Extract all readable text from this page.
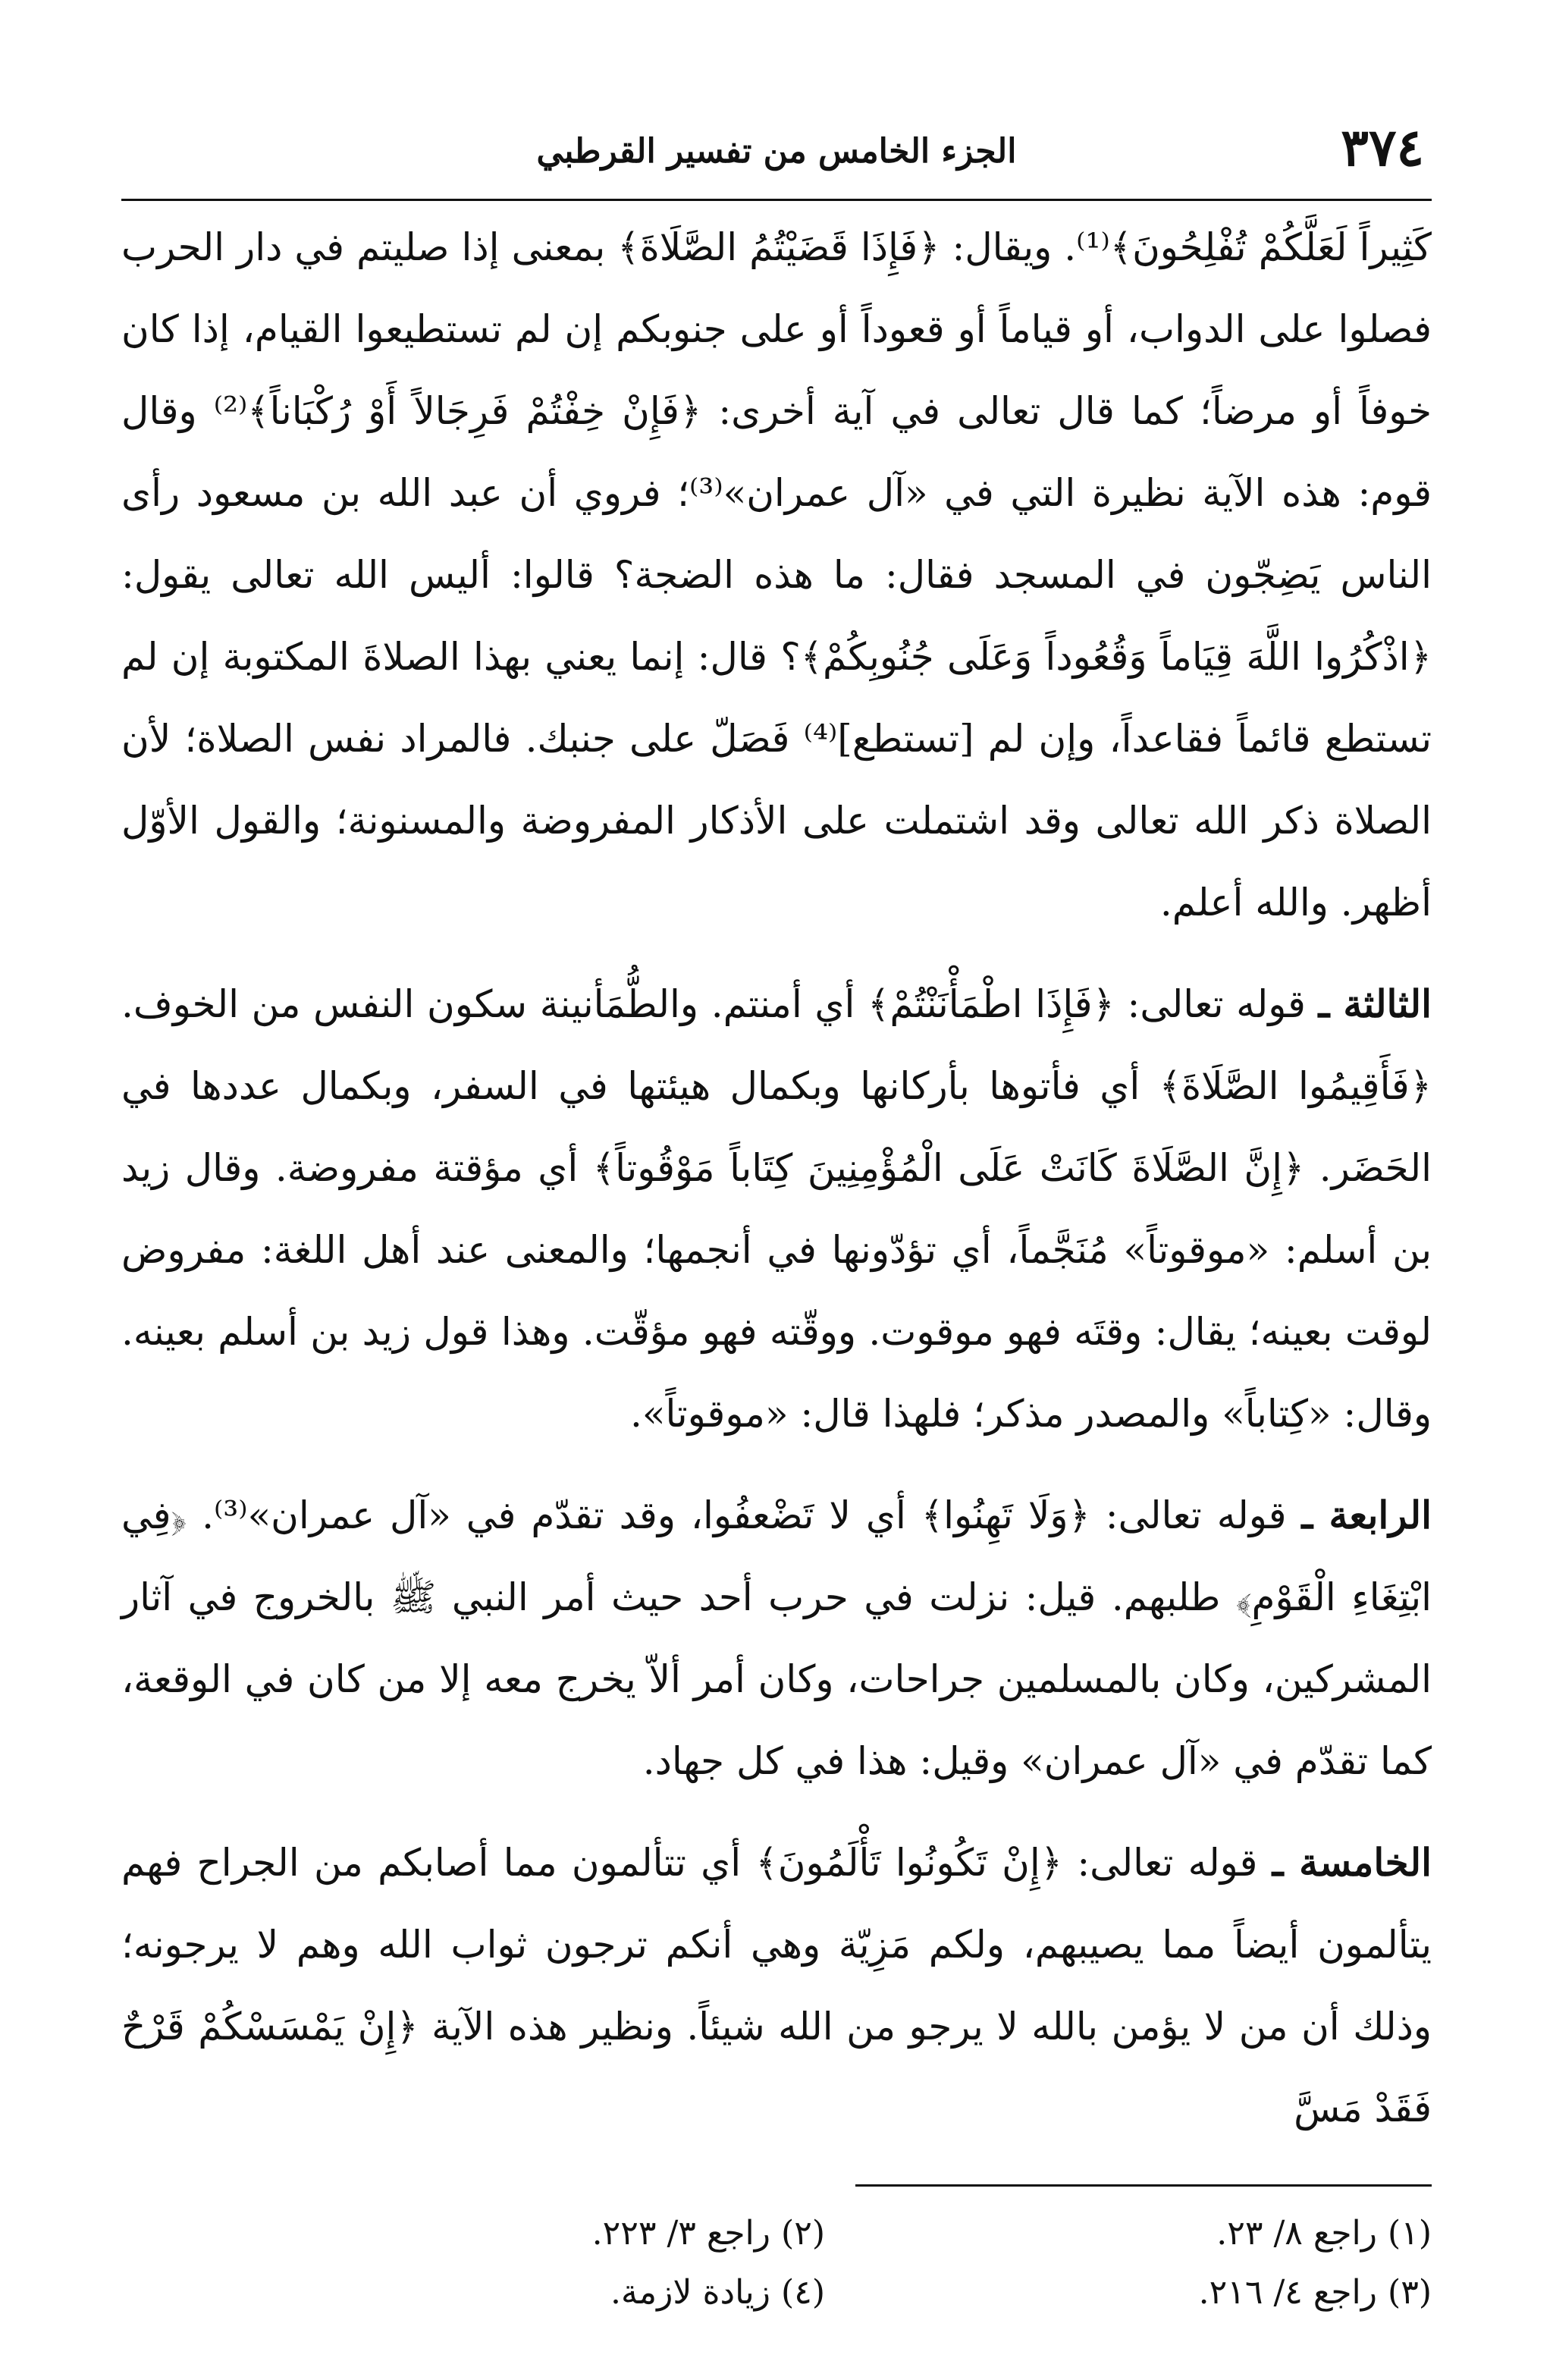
٣٧٤
الجزء الخامس من تفسير القرطبي

كَثِيراً لَعَلَّكُمْ تُفْلِحُونَ﴾⁽¹⁾. ويقال: ﴿فَإِذَا قَضَيْتُمُ الصَّلَاةَ﴾ بمعنى إذا صليتم في دار الحرب فصلوا على الدواب، أو قياماً أو قعوداً أو على جنوبكم إن لم تستطيعوا القيام، إذا كان خوفاً أو مرضاً؛ كما قال تعالى في آية أخرى: ﴿فَإِنْ خِفْتُمْ فَرِجَالاً أَوْ رُكْبَاناً﴾⁽²⁾ وقال قوم: هذه الآية نظيرة التي في «آل عمران»⁽³⁾؛ فروي أن عبد الله بن مسعود رأى الناس يَضِجّون في المسجد فقال: ما هذه الضجة؟ قالوا: أليس الله تعالى يقول: ﴿اذْكُرُوا اللَّهَ قِيَاماً وَقُعُوداً وَعَلَى جُنُوبِكُمْ﴾؟ قال: إنما يعني بهذا الصلاةَ المكتوبة إن لم تستطع قائماً فقاعداً، وإن لم [تستطع]⁽⁴⁾ فَصَلّ على جنبك. فالمراد نفس الصلاة؛ لأن الصلاة ذكر الله تعالى وقد اشتملت على الأذكار المفروضة والمسنونة؛ والقول الأوّل أظهر. والله أعلم.

الثالثة ـ قوله تعالى: ﴿فَإِذَا اطْمَأْنَنْتُمْ﴾ أي أمنتم. والطُّمَأنينة سكون النفس من الخوف. ﴿فَأَقِيمُوا الصَّلَاةَ﴾ أي فأتوها بأركانها وبكمال هيئتها في السفر، وبكمال عددها في الحَضَر. ﴿إِنَّ الصَّلَاةَ كَانَتْ عَلَى الْمُؤْمِنِينَ كِتَاباً مَوْقُوتاً﴾ أي مؤقتة مفروضة. وقال زيد بن أسلم: «موقوتاً» مُنَجَّماً، أي تؤدّونها في أنجمها؛ والمعنى عند أهل اللغة: مفروض لوقت بعينه؛ يقال: وقتَه فهو موقوت. ووقّته فهو مؤقّت. وهذا قول زيد بن أسلم بعينه. وقال: «كِتاباً» والمصدر مذكر؛ فلهذا قال: «موقوتاً».

الرابعة ـ قوله تعالى: ﴿وَلَا تَهِنُوا﴾ أي لا تَضْعفُوا، وقد تقدّم في «آل عمران»⁽³⁾. ﴿فِي ابْتِغَاءِ الْقَوْمِ﴾ طلبهم. قيل: نزلت في حرب أحد حيث أمر النبي ﷺ بالخروج في آثار المشركين، وكان بالمسلمين جراحات، وكان أمر ألاّ يخرج معه إلا من كان في الوقعة، كما تقدّم في «آل عمران» وقيل: هذا في كل جهاد.

الخامسة ـ قوله تعالى: ﴿إِنْ تَكُونُوا تَأْلَمُونَ﴾ أي تتألمون مما أصابكم من الجراح فهم يتألمون أيضاً مما يصيبهم، ولكم مَزِيّة وهي أنكم ترجون ثواب الله وهم لا يرجونه؛ وذلك أن من لا يؤمن بالله لا يرجو من الله شيئاً. ونظير هذه الآية ﴿إِنْ يَمْسَسْكُمْ قَرْحٌ فَقَدْ مَسَّ

(١) راجع ٨/ ٢٣.
(٢) راجع ٣/ ٢٢٣.
(٣) راجع ٤/ ٢١٦.
(٤) زيادة لازمة.
